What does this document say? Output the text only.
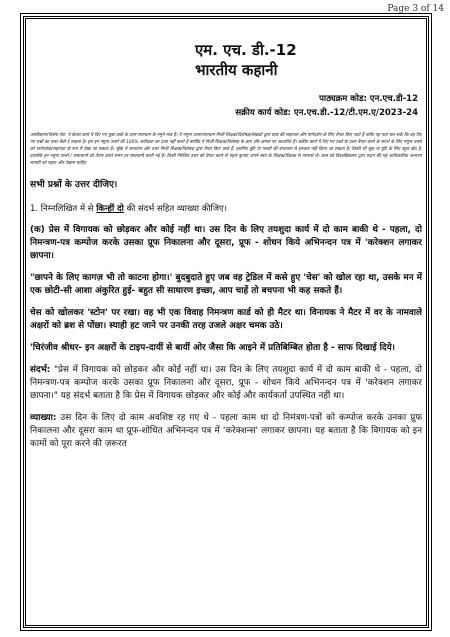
Page 3 of 14
एम. एच. डी.-12
भारतीय कहानी
पाठ्यक्रम कोड: एन.एच.डी-12
सक्रीय कार्य कोड: एन.एच.डी.-12/टी.एम.ए/2023-24
अस्वीकरण/विशेष नोट: ये केवल कार्य में दिए गए कुछ प्रश्नों के उत्तर समाधान के नमूने मात्र हैं। ये नमूना उत्तर/समाधान निजी शिक्षक/विशेषज्ञ/लेखकों द्वारा छात्र की सहायता और मार्गदर्शन के लिए तैयार किए जाते हैं ताकि यह पता चल सके कि वह दिए गए प्रश्नों का उत्तर कैसे दे सकता है। हम इन नमूना उत्तरों की 100% सटीकता का दावा नहीं करते हैं क्योंकि ये निजी शिक्षक/विशेषज्ञ के ज्ञान और क्षमता पर आधारित हैं। सक्रीय कार्य में दिए गए प्रश्नों के उत्तर तैयार करने के संदर्भ के लिए नमूना उत्तरों को मार्गदर्शक/सहायता के रूप में देखा जा सकता है। चूंकि ये समाधान और उत्तर निजी शिक्षक/विशेषज्ञ द्वारा तैयार किए जाते हैं, इसलिए त्रुटि या गलती की संभावना से इनकार नहीं किया जा सकता है। किसी भी चूक या त्रुटि के लिए बहुत खेद है, हालांकि इन नमूना उत्तरों / समाधानों को तैयार करते समय हर सावधानी बरती गई है। किसी निश्चित उत्तर को तैयार करने से पहले कृपया अपने स्वयं के शिक्षक/शिक्षक से परामर्श लें। छात्र को विश्वविद्यालय द्वारा प्रदान की गई आधिकारिक अध्ययन सामग्री को पढ़ना और देखना चाहिए
सभी प्रश्नों के उत्तर दीजिए।
1. निम्नलिखित में से किन्हीं दो की संदर्भ सहित व्याख्या कीजिए।
(क) प्रेस में विगायक को छोड़कर और कोई नहीं था। उस दिन के लिए तयशुदा कार्य में दो काम बाकी थे - पहला, दो निमन्त्रण-पत्र कम्पोज करके उसका प्रूफ निकालना और दूसरा, प्रूफ - शोधन किये अभिनन्दन पत्र में 'करेक्शन लगाकर छापना।
"छापने के लिए कागज़ भी तो काटना होगा।' बुदबुदाते हुए जब वह ट्रेडिल में कसे हुए 'चेस' को खोल रहा था, उसके मन में एक छोटी-सी आशा अंकुरित हुई- बहुत सी साधारण इच्छा, आप चाहें तो बचपना भी कह सकते हैं।
चेस को खोलकर 'स्टोन' पर रखा। वह भी एक विवाह निमन्त्रण कार्ड को ही मैटर था। विनायक ने मैटर में वर के नामवाले अक्षरों को ब्रश से पोंछा। स्याही हट जाने पर उनकी तरह उजले अक्षर चमक उठे।
'चिरंजीव श्रीधर- इन अक्षरों के टाइप-दायीं से बायीं ओर जैसा कि आइने में प्रतिबिम्बित होता है - साफ दिखाई दिये।
संदर्भ: "प्रेस में विगायक को छोड़कर और कोई नहीं था। उस दिन के लिए तयशुदा कार्य में दो काम बाकी थे - पहला, दो निमन्त्रण-पत्र कम्पोज करके उसका प्रूफ निकालना और दूसरा, प्रूफ - शोधन किये अभिनन्दन पत्र में 'करेक्शन लगाकर छापना।" यह संदर्भ बताता है कि प्रेस में विगायक छोड़कर और कोई और कार्यकर्ता उपस्थित नहीं था।
व्याख्या: उस दिन के लिए दो काम अवशिष्ट रह गए थे - पहला काम था दो निमंत्रण-पत्रों को कम्पोज करके उनका प्रूफ निकालना और दूसरा काम था प्रूफ-शोधित अभिनन्दन पत्र में 'करेक्शन्स' लगाकर छापना। यह बताता है कि विगायक को इन कामों को पूरा करने की ज़रूरत
